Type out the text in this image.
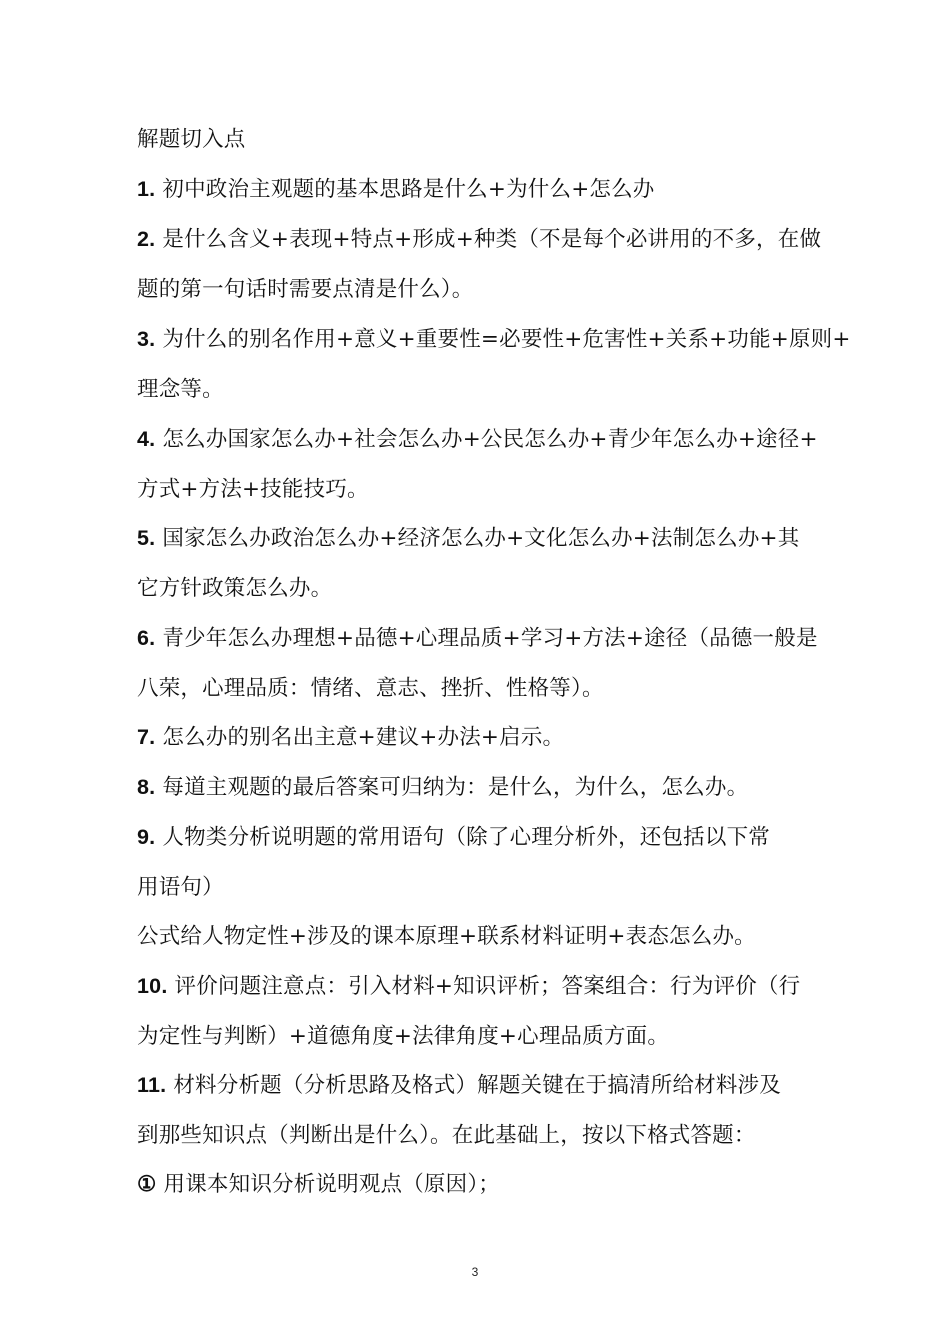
解题切入点
1. 初中政治主观题的基本思路是什么+为什么+怎么办
2. 是什么含义+表现+特点+形成+种类（不是每个必讲用的不多，在做
题的第一句话时需要点清是什么）。
3. 为什么的别名作用+意义+重要性=必要性+危害性+关系+功能+原则+
理念等。
4. 怎么办国家怎么办+社会怎么办+公民怎么办+青少年怎么办+途径+
方式+方法+技能技巧。
5. 国家怎么办政治怎么办+经济怎么办+文化怎么办+法制怎么办+其
它方针政策怎么办。
6. 青少年怎么办理想+品德+心理品质+学习+方法+途径（品德一般是
八荣，心理品质：情绪、意志、挫折、性格等）。
7. 怎么办的别名出主意+建议+办法+启示。
8. 每道主观题的最后答案可归纳为：是什么，为什么，怎么办。
9. 人物类分析说明题的常用语句（除了心理分析外，还包括以下常
用语句）
公式给人物定性+涉及的课本原理+联系材料证明+表态怎么办。
10. 评价问题注意点：引入材料+知识评析；答案组合：行为评价（行
为定性与判断）+道德角度+法律角度+心理品质方面。
11. 材料分析题（分析思路及格式）解题关键在于搞清所给材料涉及
到那些知识点（判断出是什么）。在此基础上，按以下格式答题：
① 用课本知识分析说明观点（原因）；
3
